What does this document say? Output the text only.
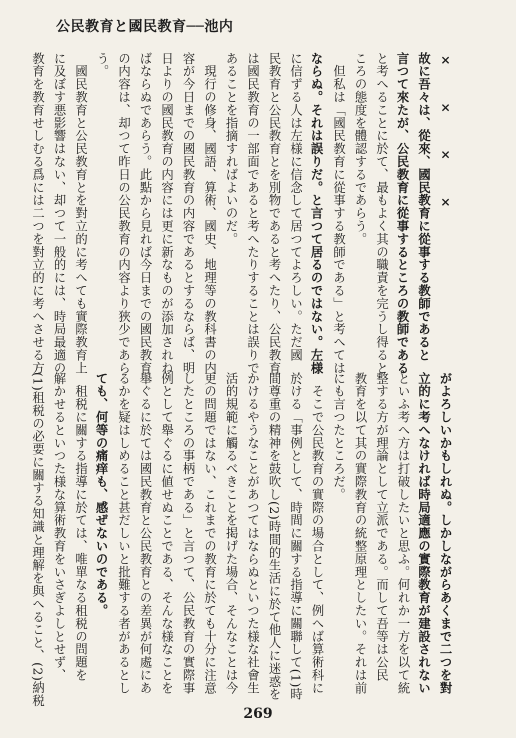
公民教育と國民教育──池内
× × × ×
故に吾々は、從來、國民教育に從事する教師であると
言つて來たが、公民教育に從事するところの教師である
と考へることに於て、最もよく其の職責を完うし得ると
ころの態度を體認するであらう。
　但私は「國民教育に從事する教師である」と考へては
ならぬ。それは誤りだ。と言つて居るのではない。左様
に信ずる人は左様に信念して居つてよろしい。ただ國
民教育と公民教育とを別物であると考へたり、公民教育
は國民教育の一部面であると考へたりすることは誤りで
あることを指摘すればよいのだ。
　現行の修身、國語、算術、國史、地理等の教科書の内
容が今日までの國民教育の内容であるとするならば、明
日よりの國民教育の内容には更に新なものが添加されね
ばならぬであらう。此點から見れば今日までの國民教育
の内容は、却つて昨日の公民教育の内容より狹少であら
う。
　國民教育と公民教育とを對立的に考へても實際教育上
に及ぼす悪影響はない、却つて一般的には、時局最適の
教育を教育せしむる爲には二つを對立的に考へさせる方
がよろしいかもしれぬ。しかしながらあくまで二つを對
立的に考へなければ時局適應の實際教育が建設されない
といふ考へ方は打破したいと思ふ。何れか一方を以て統
整する方が理論として立派である。而して吾等は公民
教育を以て其の實際教育の統整原理としたい。それは前
にも言つたところだ。
　そこで公民教育の實際の場合として、例へば算術科に
於ける「事例として、時間に關する指導に關聯して(1)時
間尊重の精神を鼓吹し(2)時間的生活に於て他人に迷惑を
かけるやうなことがあつてはならぬといつた様な社會生
活的規範に觸るべきことを掲げた場合、そんなことは今
更の問題ではない、これまでの教育に於ても十分に注意
したところの事柄である」と言つて、公民教育の實際事
例として舉ぐるに値せぬことである、そんな様なことを
舉ぐるに於ては國民教育と公民教育との差異が何處にあ
るかを疑はしめること甚だしいと批難する者があるとし
ても、何等の痛痒も、感ぜないのである。
　租税に關する指導に於ては、唯單なる租税の問題を
解かせるといつた様な算術教育をいさぎよしとせず、
(1)租税の必要に關する知識と理解を與へること、(2)納税
269
